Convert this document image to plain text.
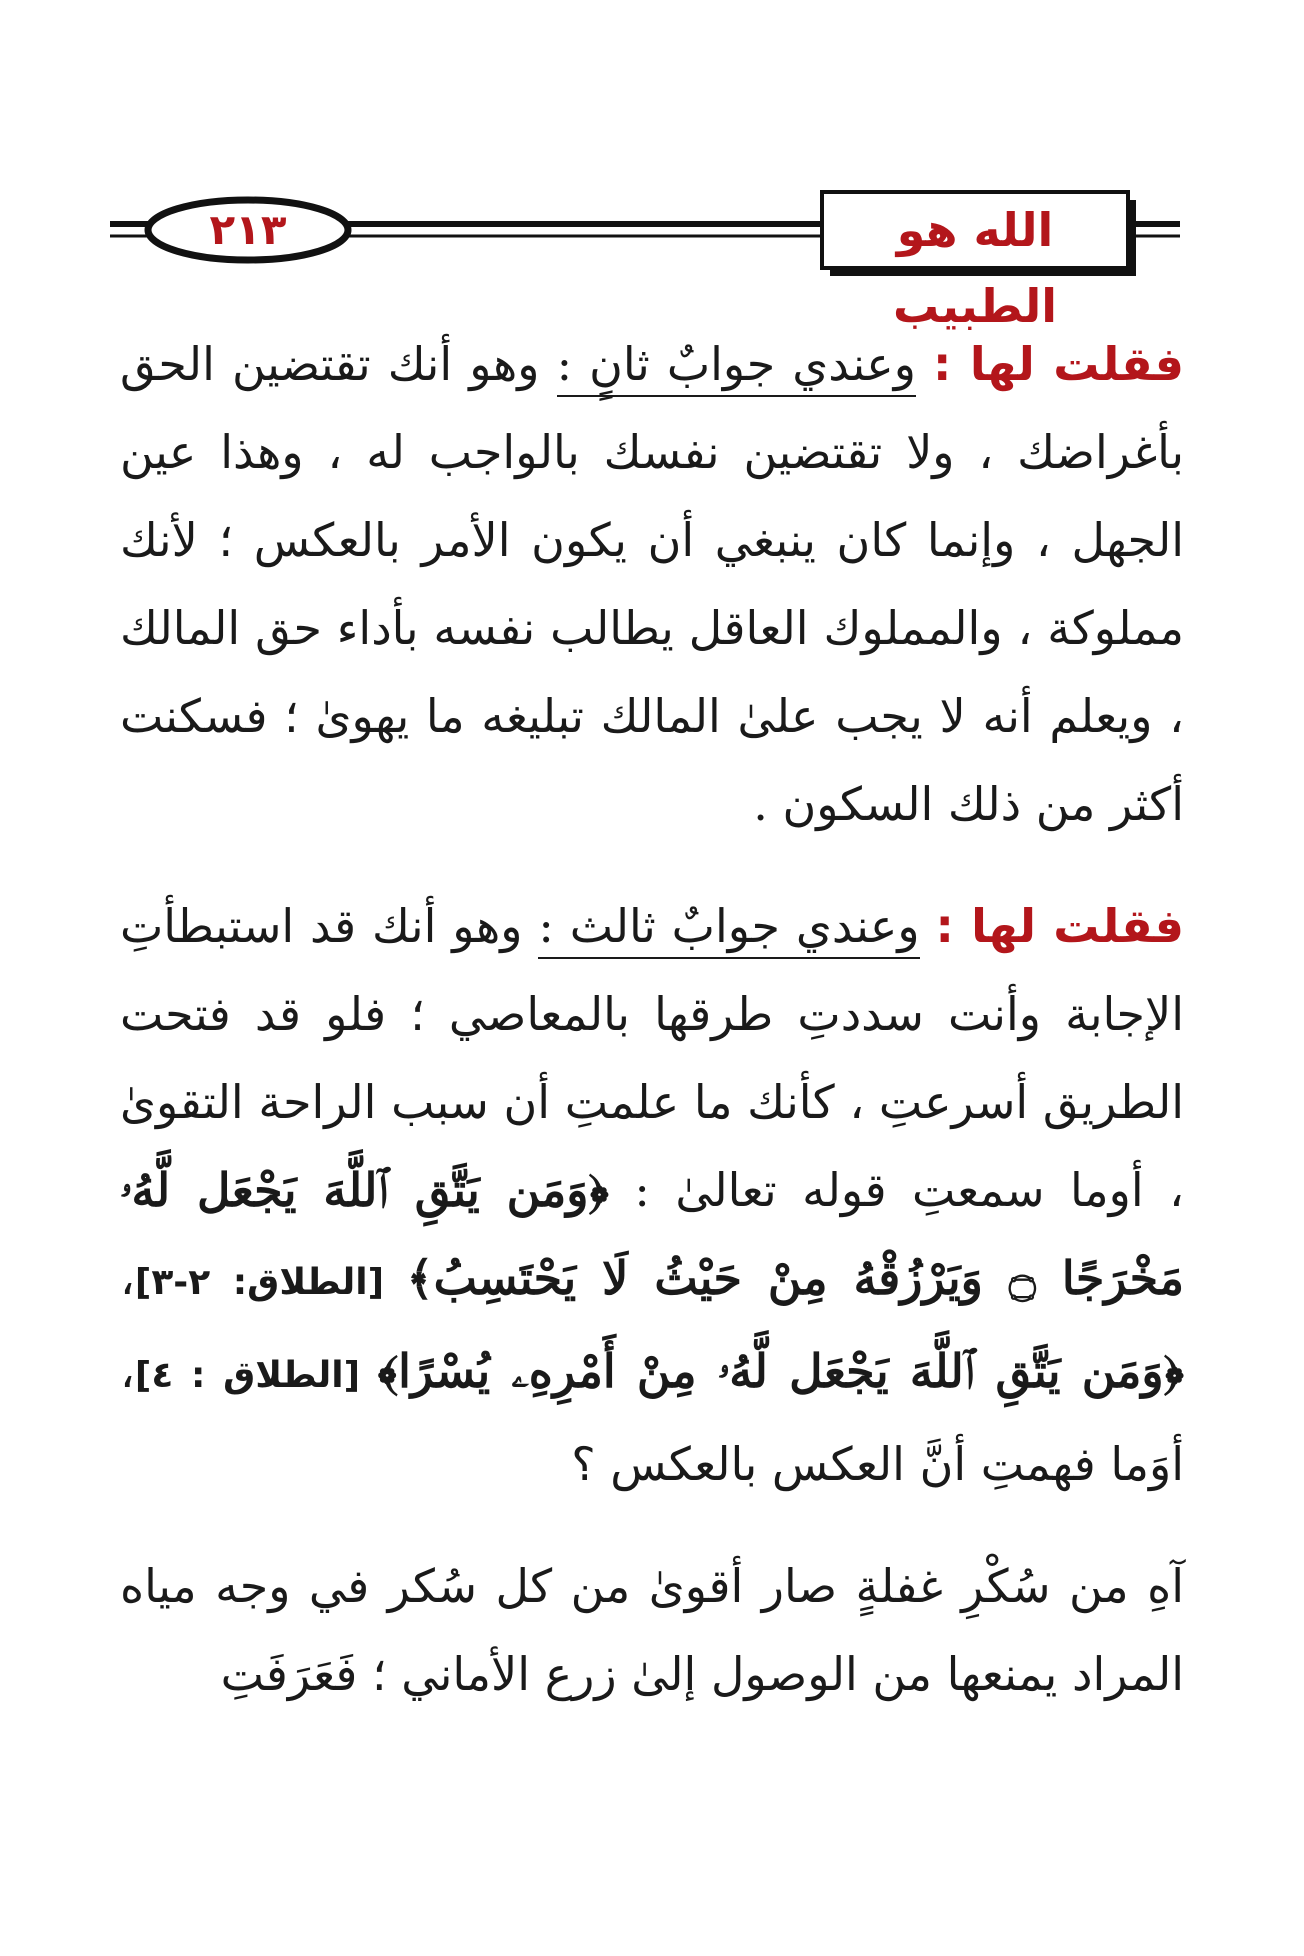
٢١٣	الله هو الطبيب

فقلت لها : وعندي جوابٌ ثانٍ : وهو أنك تقتضين الحق بأغراضك ، ولا تقتضين نفسك بالواجب له ، وهذا عين الجهل ، وإنما كان ينبغي أن يكون الأمر بالعكس ؛ لأنك مملوكة ، والمملوك العاقل يطالب نفسه بأداء حق المالك ، ويعلم أنه لا يجب علىٰ المالك تبليغه ما يهوىٰ ؛ فسكنت أكثر من ذلك السكون .

فقلت لها : وعندي جوابٌ ثالث : وهو أنك قد استبطأتِ الإجابة وأنت سددتِ طرقها بالمعاصي ؛ فلو قد فتحت الطريق أسرعتِ ، كأنك ما علمتِ أن سبب الراحة التقوىٰ ، أوما سمعتِ قوله تعالىٰ : ﴿وَمَن يَتَّقِ ٱللَّهَ يَجْعَل لَّهُۥ مَخْرَجًا ۝ وَيَرْزُقْهُ مِنْ حَيْثُ لَا يَحْتَسِبُ﴾ [الطلاق: ٢-٣]، ﴿وَمَن يَتَّقِ ٱللَّهَ يَجْعَل لَّهُۥ مِنْ أَمْرِهِۦ يُسْرًا﴾ [الطلاق : ٤]، أوَما فهمتِ أنَّ العكس بالعكس ؟

آهِ من سُكْرِ غفلةٍ صار أقوىٰ من كل سُكر في وجه مياه المراد يمنعها من الوصول إلىٰ زرع الأماني ؛ فَعَرَفَتِ
